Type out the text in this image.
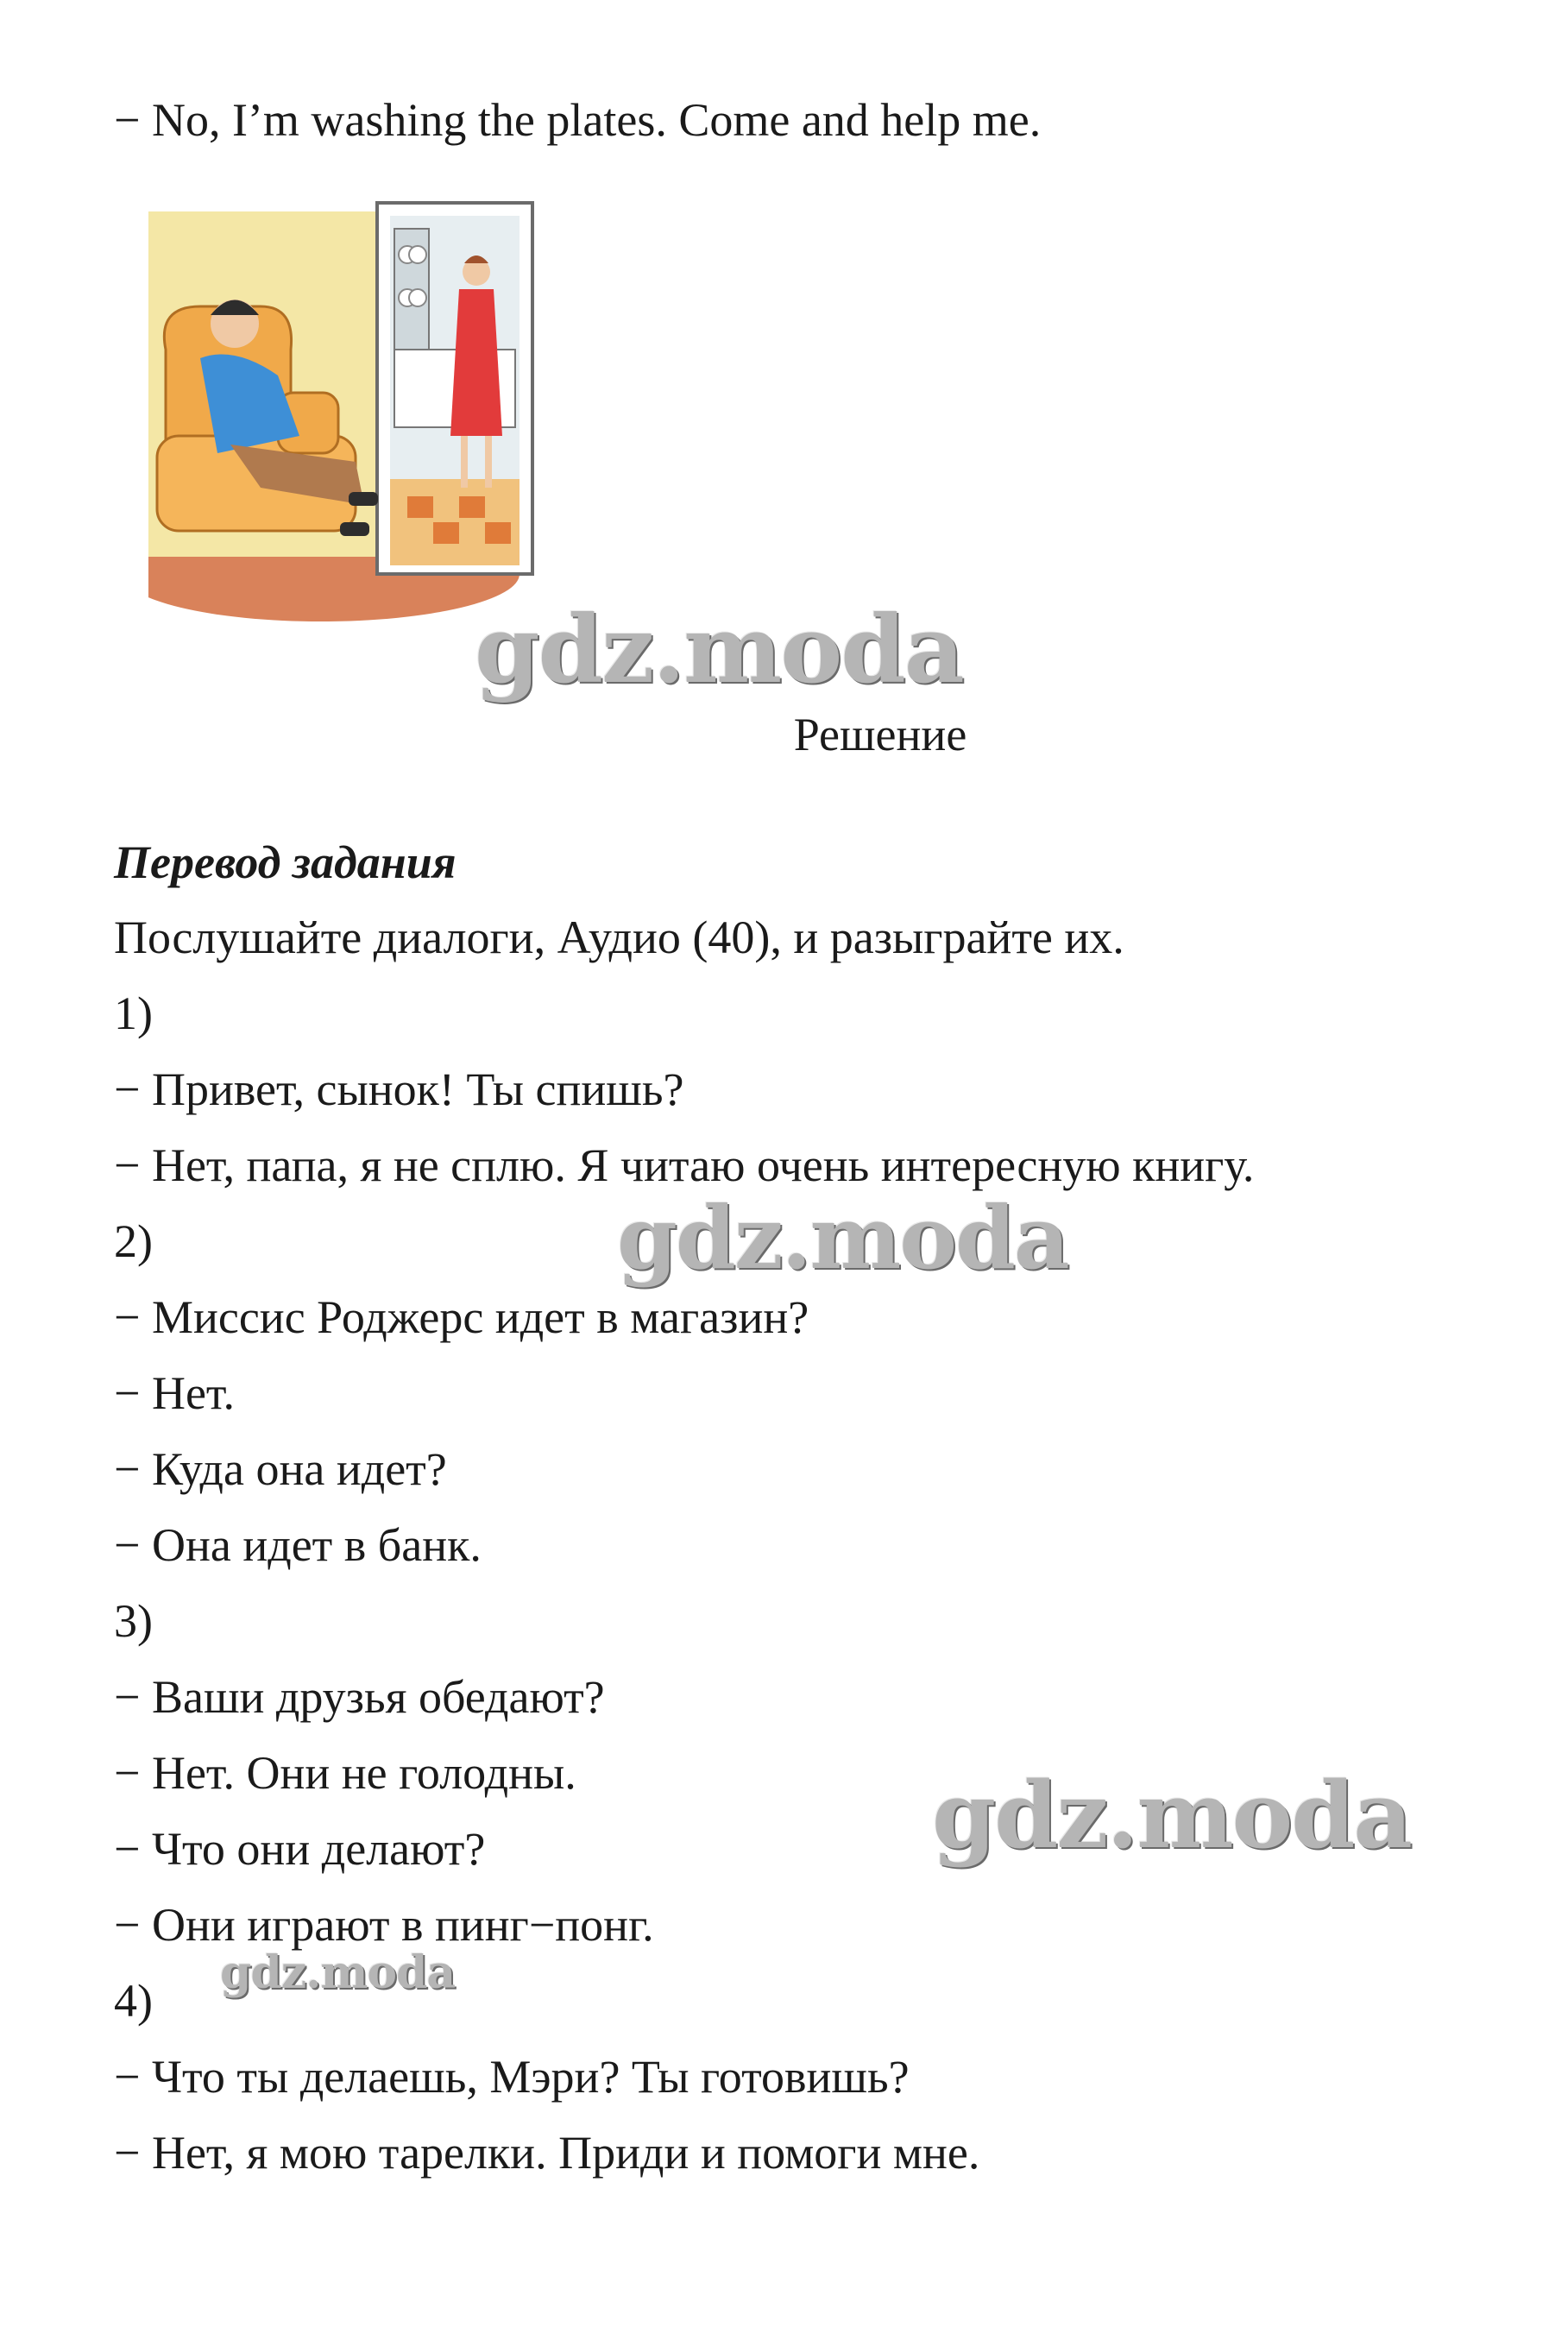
− No, I’m washing the plates. Come and help me.
gdz.moda
Решение
Перевод задания
Послушайте диалоги, Аудио (40), и разыграйте их.
1)
− Привет, сынок! Ты спишь?
− Нет, папа, я не сплю. Я читаю очень интересную книгу.
gdz.moda
2)
− Миссис Роджерс идет в магазин?
− Нет.
− Куда она идет?
− Она идет в банк.
3)
− Ваши друзья обедают?
− Нет. Они не голодны.
− Что они делают?
− Они играют в пинг−понг.
gdz.moda
gdz.moda
4)
− Что ты делаешь, Мэри? Ты готовишь?
− Нет, я мою тарелки. Приди и помоги мне.
